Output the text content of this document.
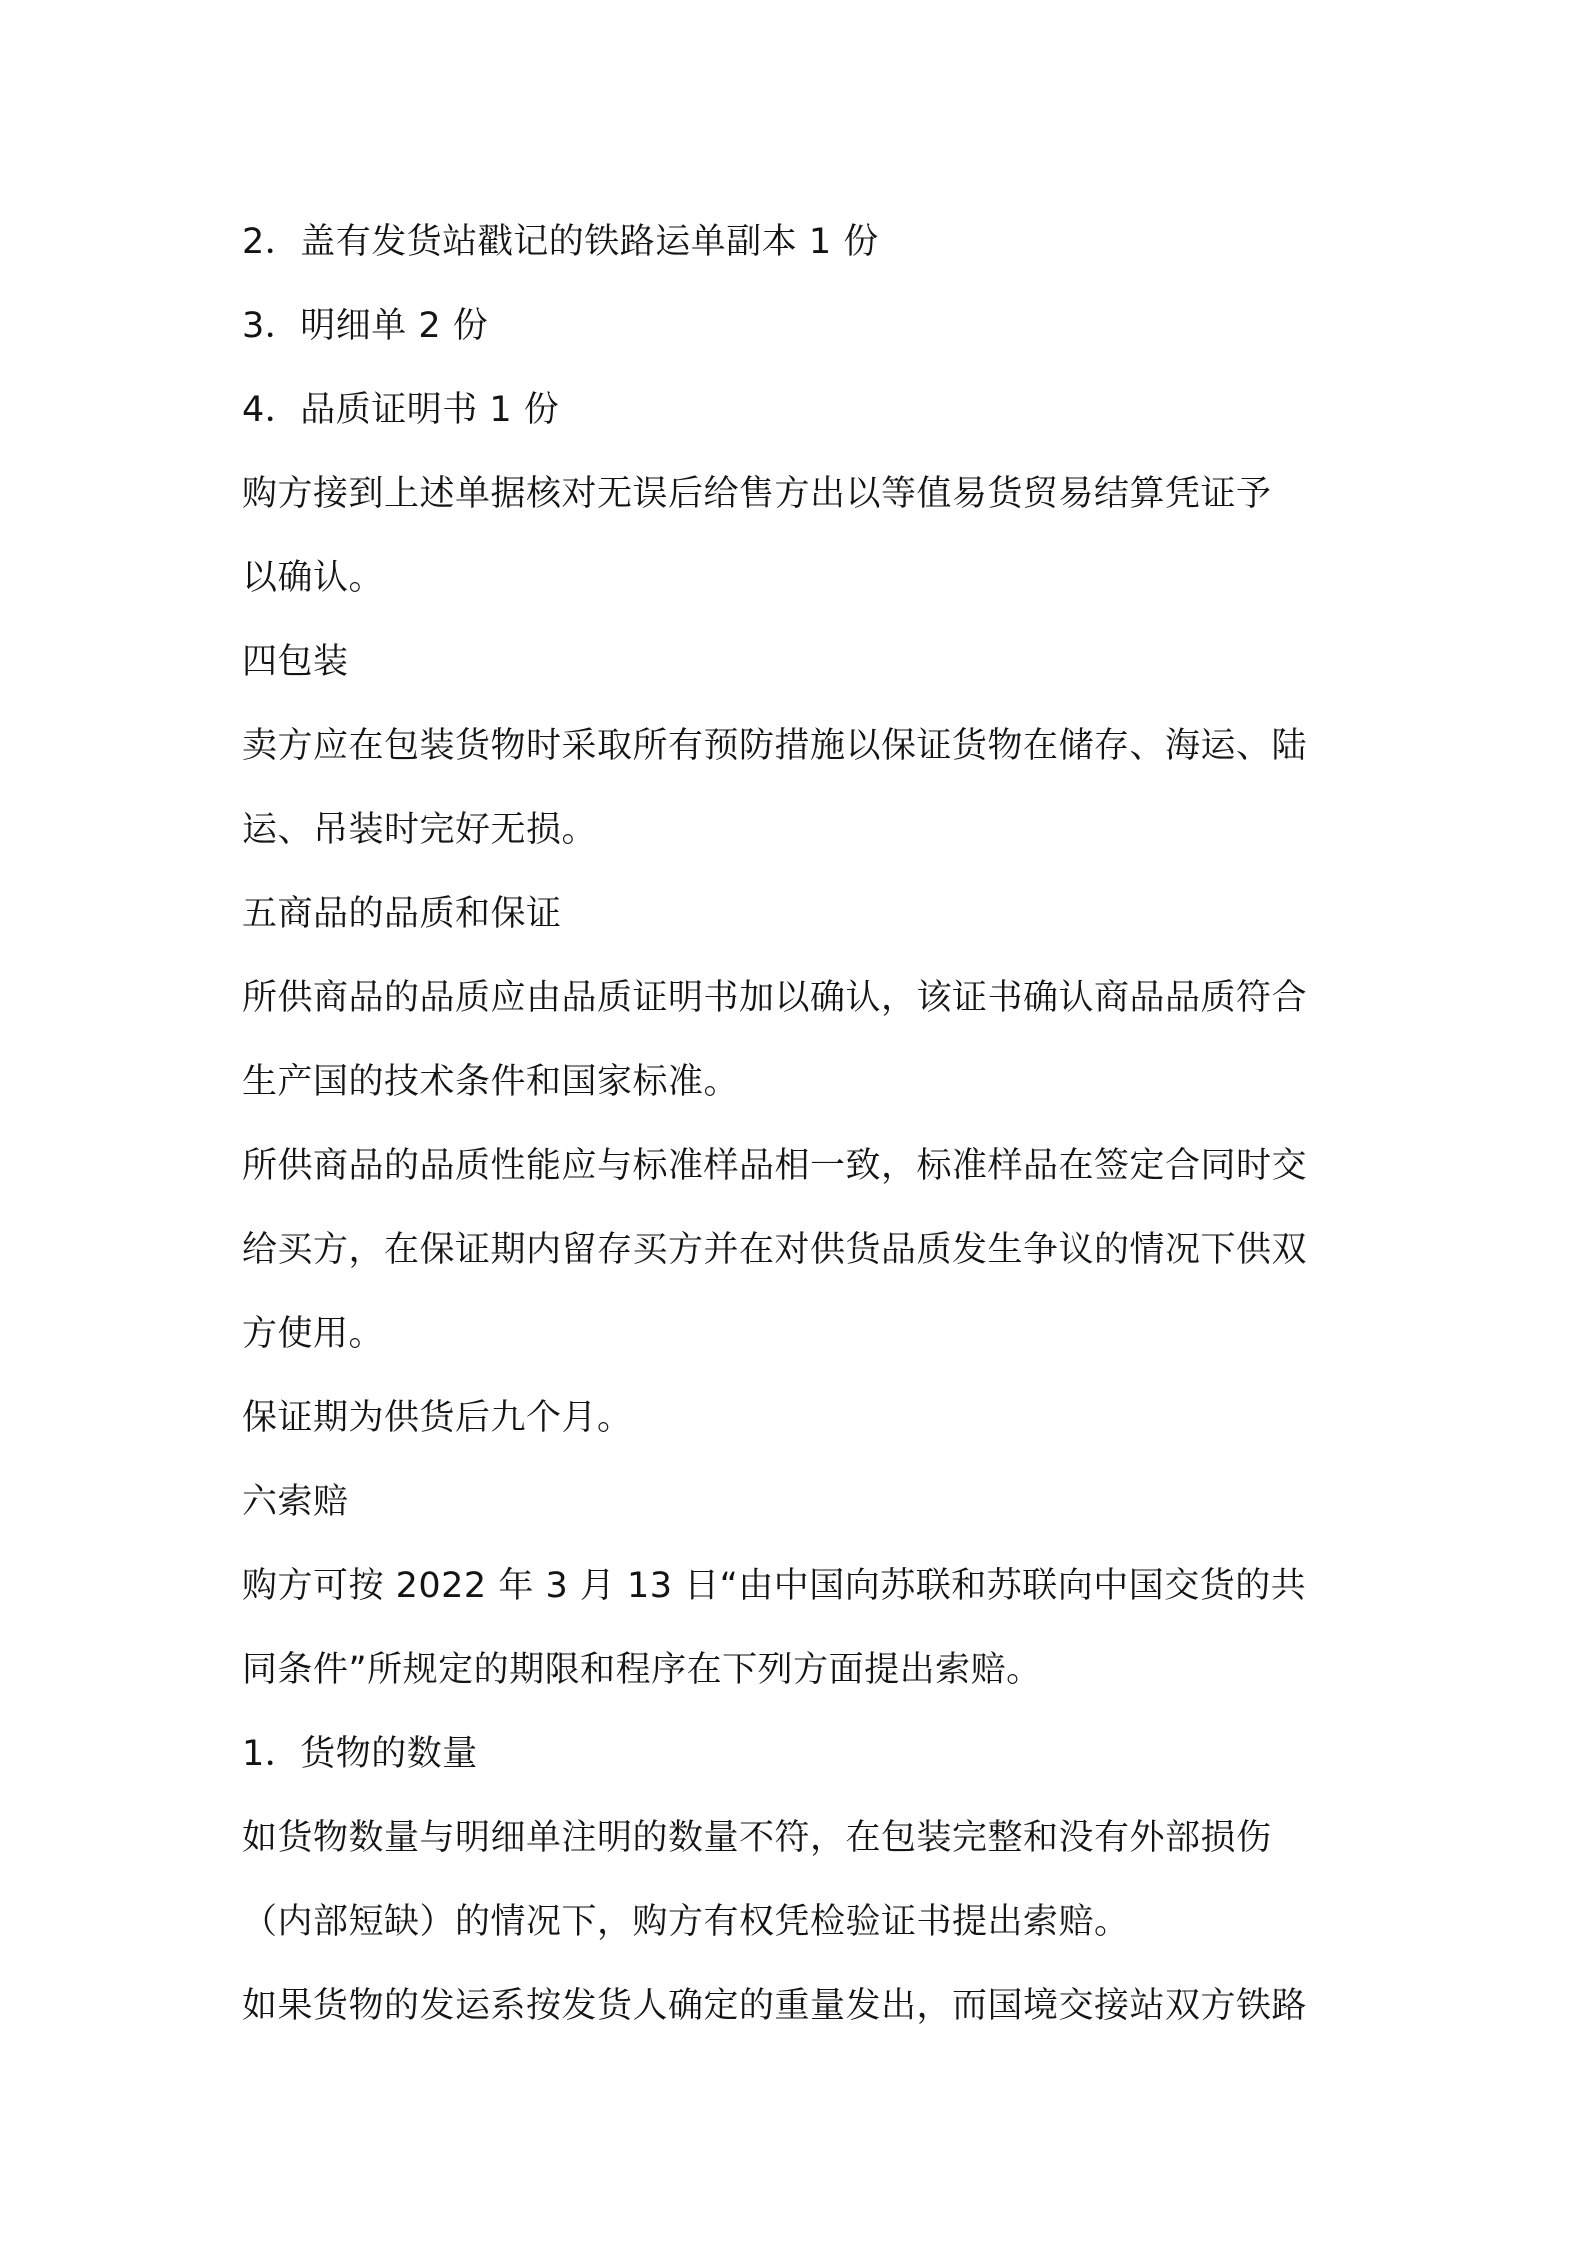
2．盖有发货站戳记的铁路运单副本 1 份

3．明细单 2 份

4．品质证明书 1 份

购方接到上述单据核对无误后给售方出以等值易货贸易结算凭证予

以确认。

四包装

卖方应在包装货物时采取所有预防措施以保证货物在储存、海运、陆

运、吊装时完好无损。

五商品的品质和保证

所供商品的品质应由品质证明书加以确认，该证书确认商品品质符合

生产国的技术条件和国家标准。

所供商品的品质性能应与标准样品相一致，标准样品在签定合同时交

给买方，在保证期内留存买方并在对供货品质发生争议的情况下供双

方使用。

保证期为供货后九个月。

六索赔

购方可按 2022 年 3 月 13 日“由中国向苏联和苏联向中国交货的共

同条件”所规定的期限和程序在下列方面提出索赔。

1．货物的数量

如货物数量与明细单注明的数量不符，在包装完整和没有外部损伤

（内部短缺）的情况下，购方有权凭检验证书提出索赔。

如果货物的发运系按发货人确定的重量发出，而国境交接站双方铁路
